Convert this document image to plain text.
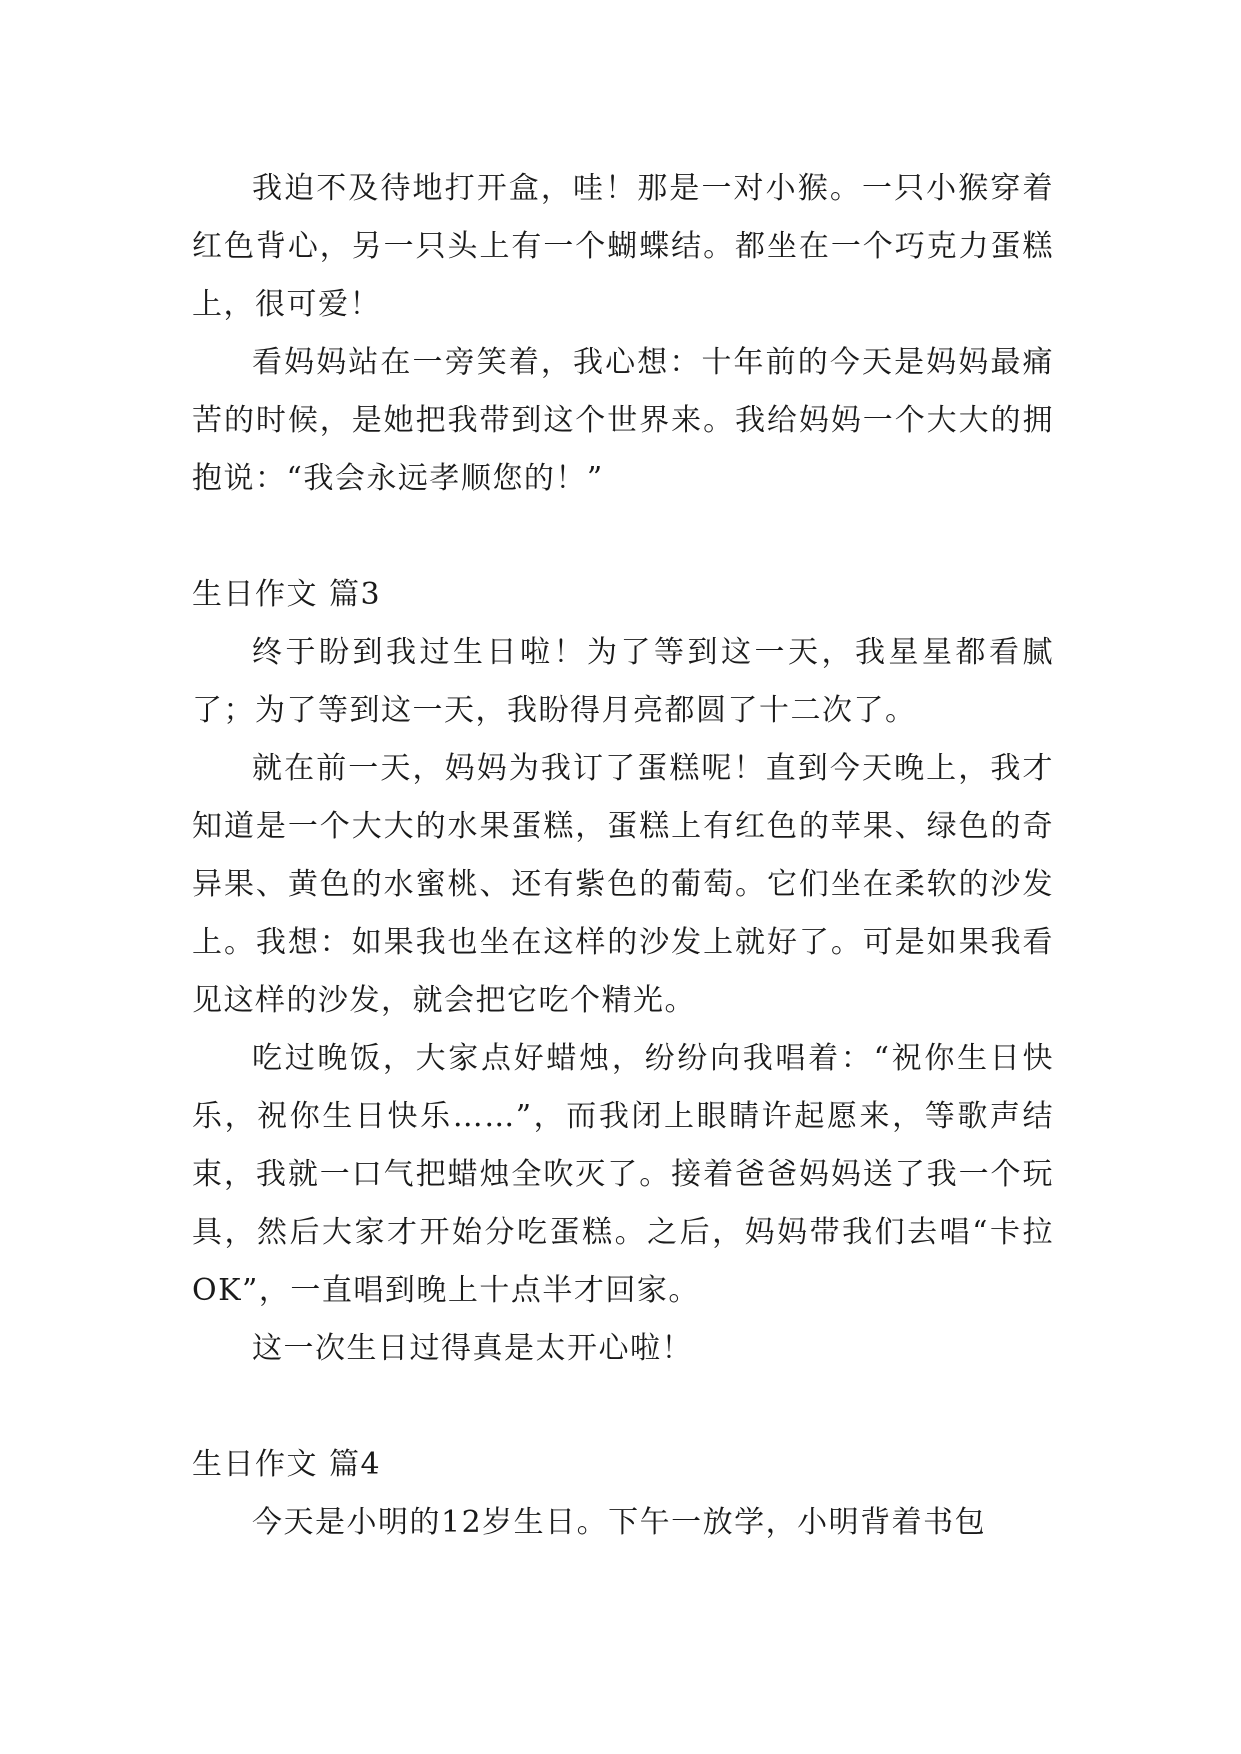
我迫不及待地打开盒，哇！那是一对小猴。一只小猴穿着红色背心，另一只头上有一个蝴蝶结。都坐在一个巧克力蛋糕上，很可爱！

看妈妈站在一旁笑着，我心想：十年前的今天是妈妈最痛苦的时候，是她把我带到这个世界来。我给妈妈一个大大的拥抱说：“我会永远孝顺您的！”

生日作文 篇3

终于盼到我过生日啦！为了等到这一天，我星星都看腻了；为了等到这一天，我盼得月亮都圆了十二次了。

就在前一天，妈妈为我订了蛋糕呢！直到今天晚上，我才知道是一个大大的水果蛋糕，蛋糕上有红色的苹果、绿色的奇异果、黄色的水蜜桃、还有紫色的葡萄。它们坐在柔软的沙发上。我想：如果我也坐在这样的沙发上就好了。可是如果我看见这样的沙发，就会把它吃个精光。

吃过晚饭，大家点好蜡烛，纷纷向我唱着：“祝你生日快乐，祝你生日快乐……”，而我闭上眼睛许起愿来，等歌声结束，我就一口气把蜡烛全吹灭了。接着爸爸妈妈送了我一个玩具，然后大家才开始分吃蛋糕。之后，妈妈带我们去唱“卡拉OK”，一直唱到晚上十点半才回家。

这一次生日过得真是太开心啦！

生日作文 篇4

今天是小明的12岁生日。下午一放学，小明背着书包
